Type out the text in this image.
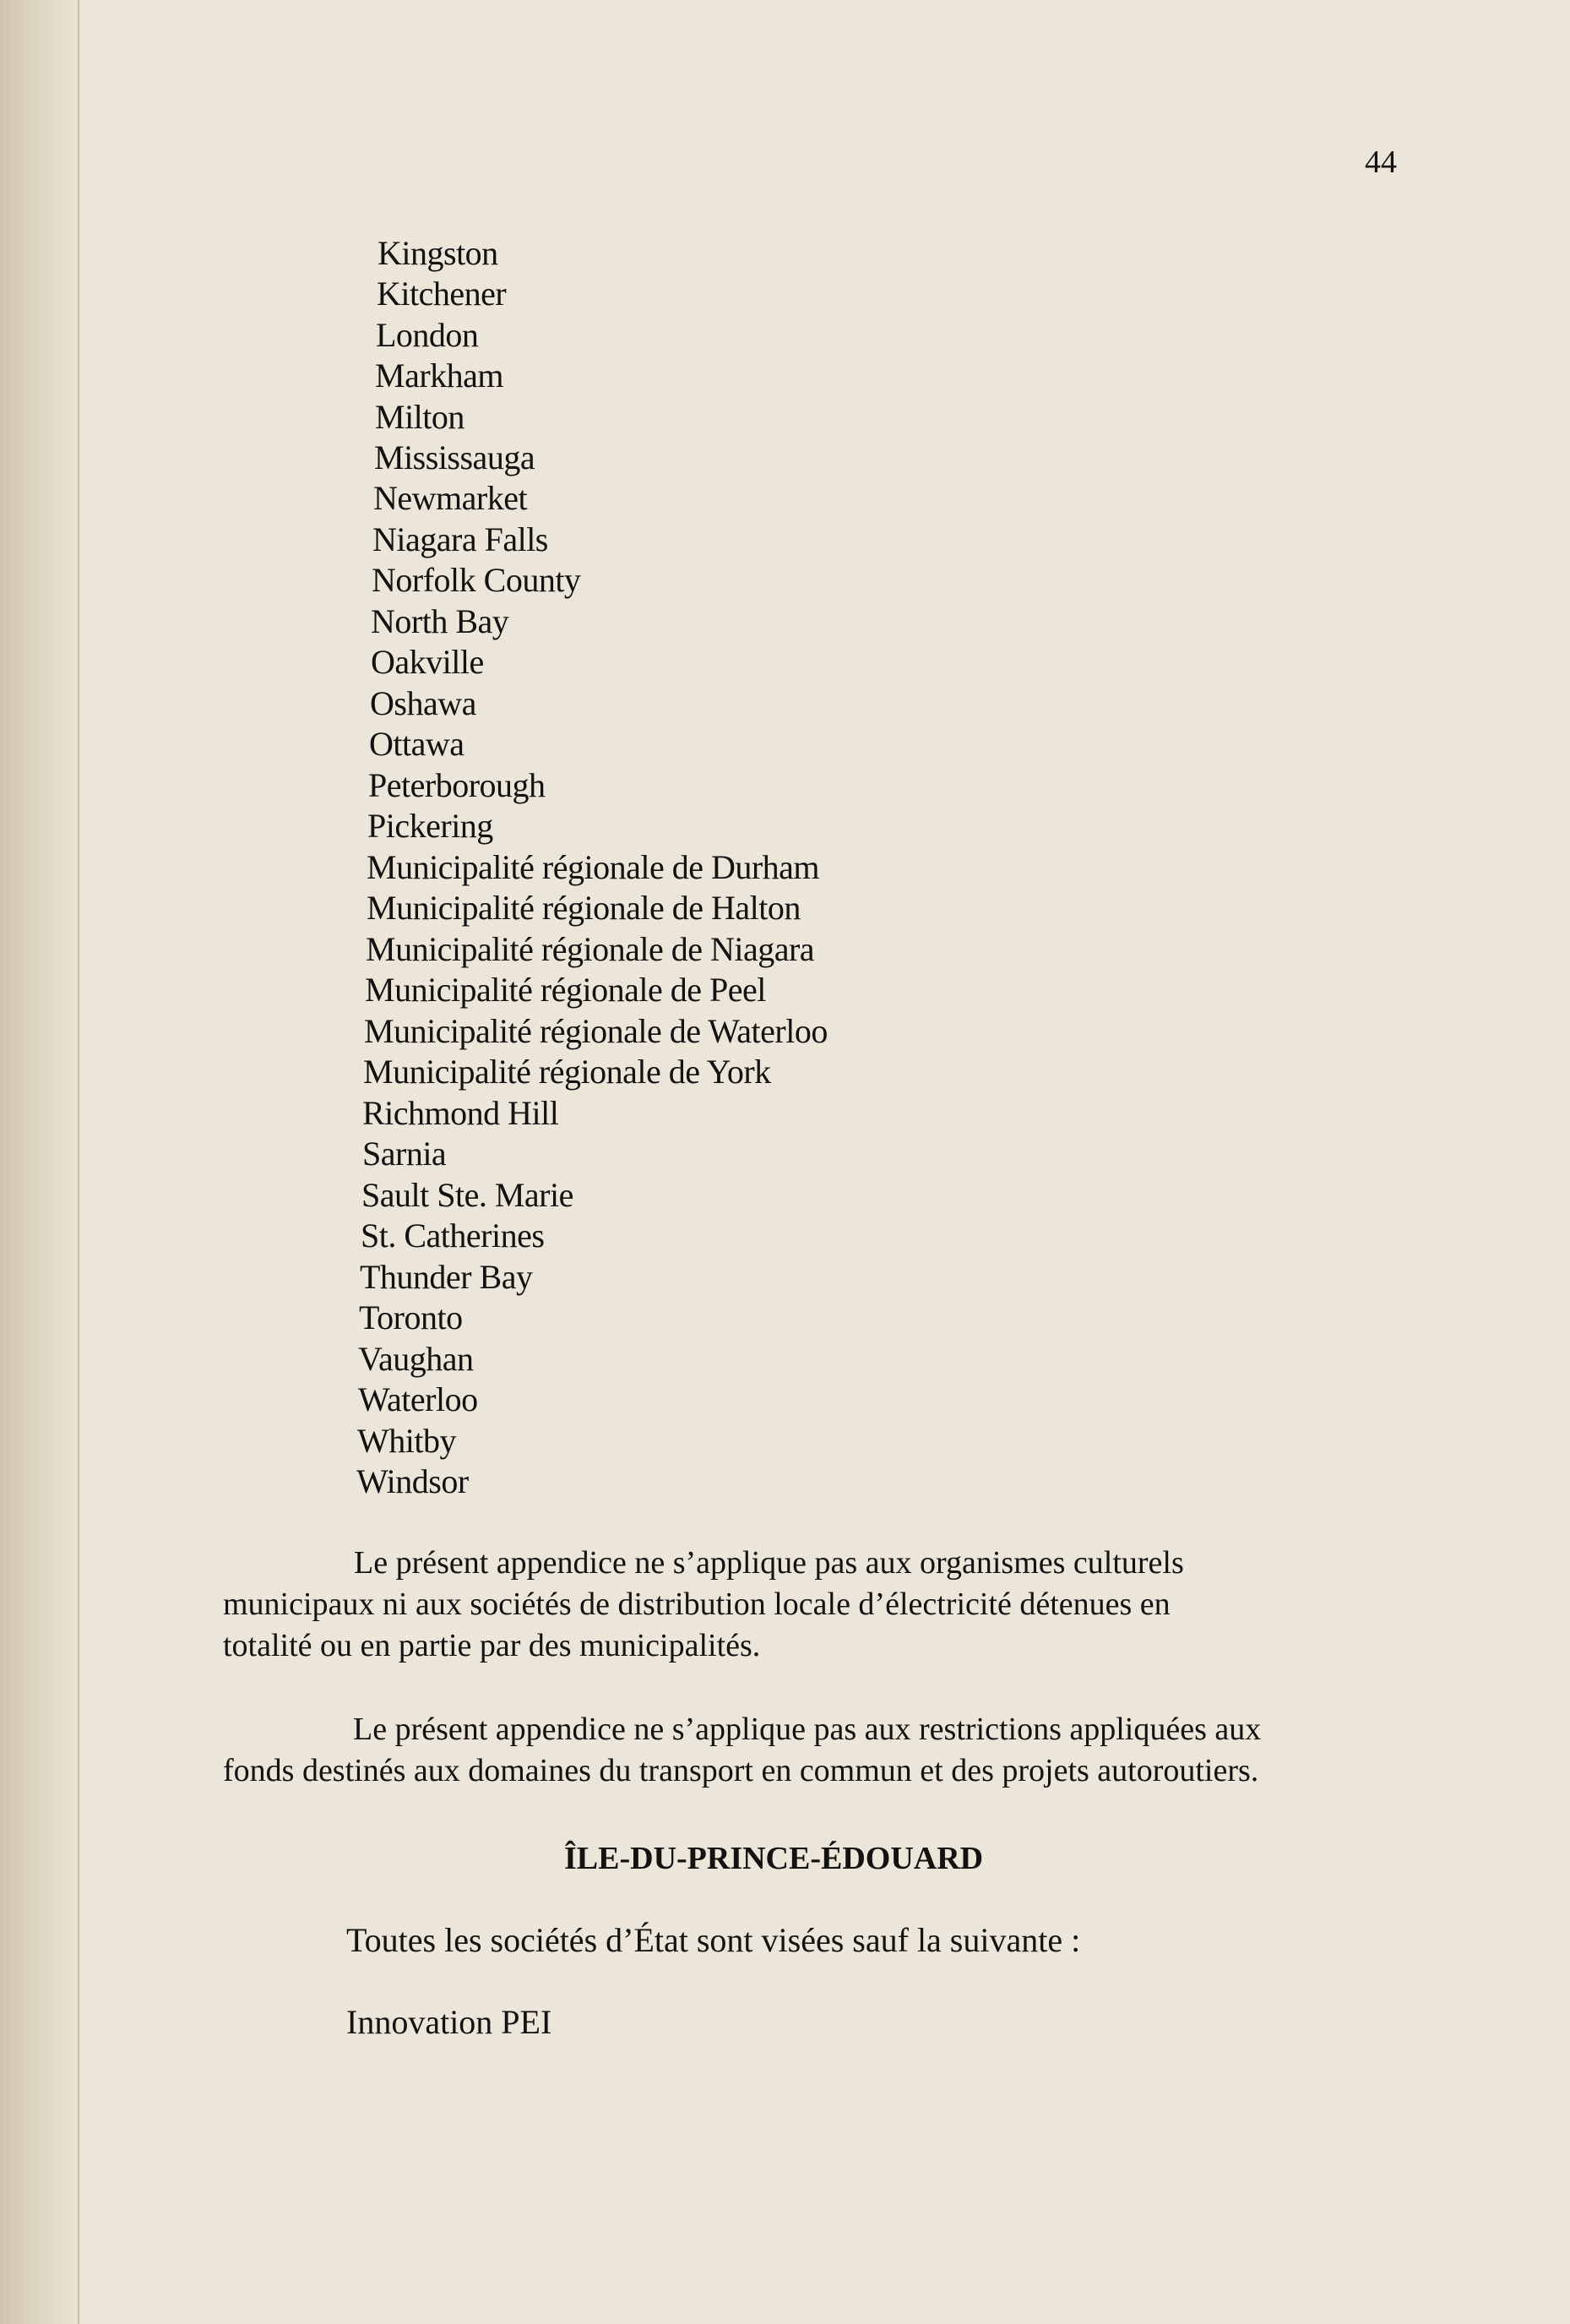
44
Kingston
Kitchener
London
Markham
Milton
Mississauga
Newmarket
Niagara Falls
Norfolk County
North Bay
Oakville
Oshawa
Ottawa
Peterborough
Pickering
Municipalité régionale de Durham
Municipalité régionale de Halton
Municipalité régionale de Niagara
Municipalité régionale de Peel
Municipalité régionale de Waterloo
Municipalité régionale de York
Richmond Hill
Sarnia
Sault Ste. Marie
St. Catherines
Thunder Bay
Toronto
Vaughan
Waterloo
Whitby
Windsor
Le présent appendice ne s’applique pas aux organismes culturels
municipaux ni aux sociétés de distribution locale d’électricité détenues en
totalité ou en partie par des municipalités.
Le présent appendice ne s’applique pas aux restrictions appliquées aux
fonds destinés aux domaines du transport en commun et des projets autoroutiers.
ÎLE-DU-PRINCE-ÉDOUARD
Toutes les sociétés d’État sont visées sauf la suivante :
Innovation PEI
